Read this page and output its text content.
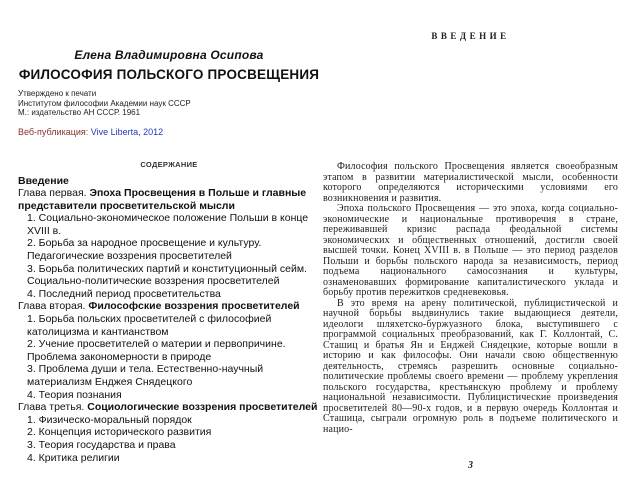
Елена Владимировна Осипова
ФИЛОСОФИЯ ПОЛЬСКОГО ПРОСВЕЩЕНИЯ
Утверждено к печати
Институтом философии Академии наук СССР
М.: издательство АН СССР. 1961
Веб-публикация: Vive Liberta, 2012
СОДЕРЖАНИЕ
Введение
Глава первая. Эпоха Просвещения в Польше и главные представители просветительской мысли
1. Социально-экономическое положение Польши в конце XVIII в.
2. Борьба за народное просвещение и культуру. Педагогические воззрения просветителей
3. Борьба политических партий и конституционный сейм. Социально-политические воззрения просветителей
4. Последний период просветительства
Глава вторая. Философские воззрения просветителей
1. Борьба польских просветителей с философией католицизма и кантианством
2. Учение просветителей о материи и первопричине. Проблема закономерности в природе
3. Проблема души и тела. Естественно-научный материализм Енджея Снядецкого
4. Теория познания
Глава третья. Социологические воззрения просветителей
1. Физическо-моральный порядок
2. Концепция исторического развития
3. Теория государства и права
4. Критика религии
ВВЕДЕНИЕ

Философия польского Просвещения является своеобразным этапом в развитии материалистической мысли, особенности которого определяются историческими условиями его возникновения и развития.

Эпоха польского Просвещения — это эпоха, когда социально-экономические и национальные противоречия в стране, переживавшей кризис распада феодальной системы экономических и общественных отношений, достигли своей высшей точки. Конец XVIII в. в Польше — это период разделов Польши и борьбы польского народа за независимость, период подъема национального самосознания и культуры, ознаменовавших формирование капиталистического уклада и борьбу против пережитков средневековья.

В это время на арену политической, публицистической и научной борьбы выдвинулись такие выдающиеся деятели, идеологи шляхетско-буржуазного блока, выступившего с программой социальных преобразований, как Г. Коллонтай, С. Сташиц и братья Ян и Енджей Снядецкие, которые вошли в историю и как философы. Они начали свою общественную деятельность, стремясь разрешить основные социально-политические проблемы своего времени — проблему укрепления польского государства, крестьянскую проблему и проблему национальной независимости. Публицистические произведения просветителей 80—90-х годов, и в первую очередь Коллонтая и Сташица, сыграли огромную роль в подъеме политического и нацио-

3
